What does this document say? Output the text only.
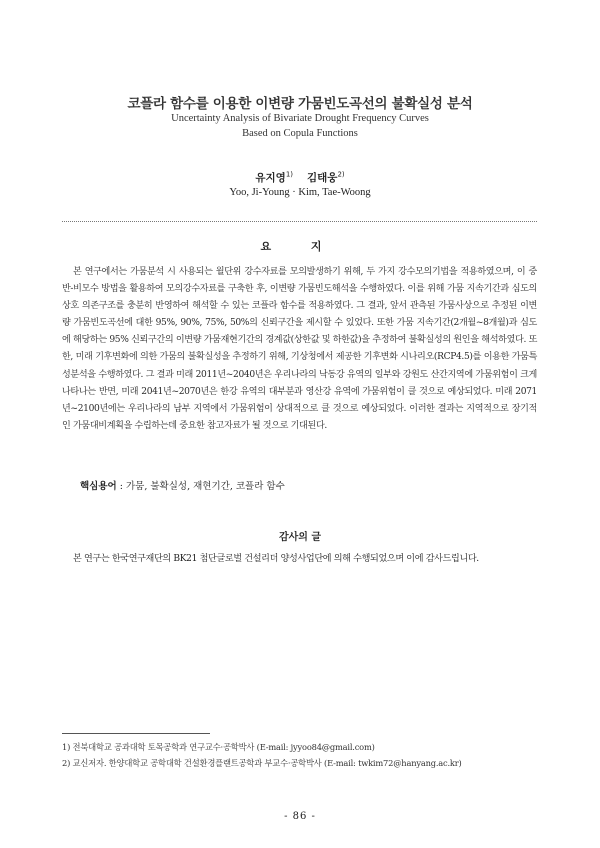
코플라 함수를 이용한 이변량 가뭄빈도곡선의 불확실성 분석
Uncertainty Analysis of Bivariate Drought Frequency Curves
Based on Copula Functions
유지영$^{1)}$ 김태웅$^{2)}$
Yoo, Ji-Young · Kim, Tae-Woong
요 지
본 연구에서는 가뭄분석 시 사용되는 월단위 강수자료를 모의발생하기 위해, 두 가지 강수모의기법을 적용하였으며, 이 중 반-비모수 방법을 활용하여 모의강수자료를 구축한 후, 이변량 가뭄빈도해석을 수행하였다. 이를 위해 가뭄 지속기간과 심도의 상호 의존구조를 충분히 반영하여 해석할 수 있는 코플라 함수를 적용하였다. 그 결과, 앞서 관측된 가뭄사상으로 추정된 이변량 가뭄빈도곡선에 대한 95%, 90%, 75%, 50%의 신뢰구간을 제시할 수 있었다. 또한 가뭄 지속기간(2개월~8개월)과 심도에 해당하는 95% 신뢰구간의 이변량 가뭄재현기간의 경계값(상한값 및 하한값)을 추정하여 불확실성의 원인을 해석하였다. 또한, 미래 기후변화에 의한 가뭄의 불확실성을 추정하기 위해, 기상청에서 제공한 기후변화 시나리오(RCP4.5)를 이용한 가뭄특성분석을 수행하였다. 그 결과 미래 2011년~2040년은 우리나라의 낙동강 유역의 일부와 강원도 산간지역에 가뭄위험이 크게 나타나는 반면, 미래 2041년~2070년은 한강 유역의 대부분과 영산강 유역에 가뭄위험이 클 것으로 예상되었다. 미래 2071년~2100년에는 우리나라의 남부 지역에서 가뭄위험이 상대적으로 클 것으로 예상되었다. 이러한 결과는 지역적으로 장기적인 가뭄대비계획을 수립하는데 중요한 참고자료가 될 것으로 기대된다.
핵심용어 : 가뭄, 불확실성, 재현기간, 코플라 함수
감사의 글
본 연구는 한국연구재단의 BK21 첨단글로벌 건설리더 양성사업단에 의해 수행되었으며 이에 감사드립니다.
1) 전북대학교 공과대학 토목공학과 연구교수·공학박사 (E-mail: jyyoo84@gmail.com)
2) 교신저자. 한양대학교 공학대학 건설환경플랜트공학과 부교수·공학박사 (E-mail: twkim72@hanyang.ac.kr)
- 86 -
